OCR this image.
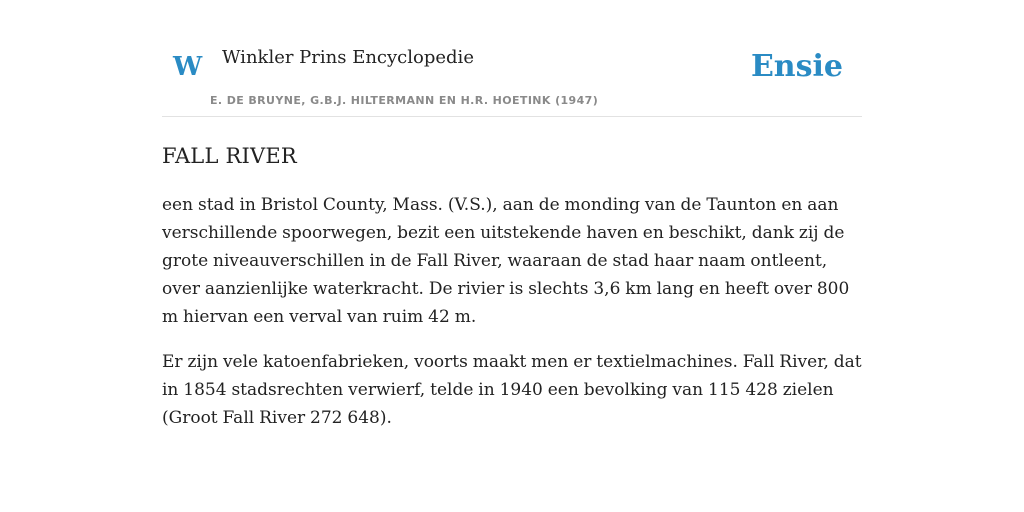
W Winkler Prins Encyclopedie
E. DE BRUYNE, G.B.J. HILTERMANN EN H.R. HOETINK (1947)
Ensie
FALL RIVER

een stad in Bristol County, Mass. (V.S.), aan de monding van de Taunton en aan verschillende spoorwegen, bezit een uitstekende haven en beschikt, dank zij de grote niveauverschillen in de Fall River, waaraan de stad haar naam ontleent, over aanzienlijke waterkracht. De rivier is slechts 3,6 km lang en heeft over 800 m hiervan een verval van ruim 42 m.

Er zijn vele katoenfabrieken, voorts maakt men er textielmachines. Fall River, dat in 1854 stadsrechten verwierf, telde in 1940 een bevolking van 115 428 zielen (Groot Fall River 272 648).
